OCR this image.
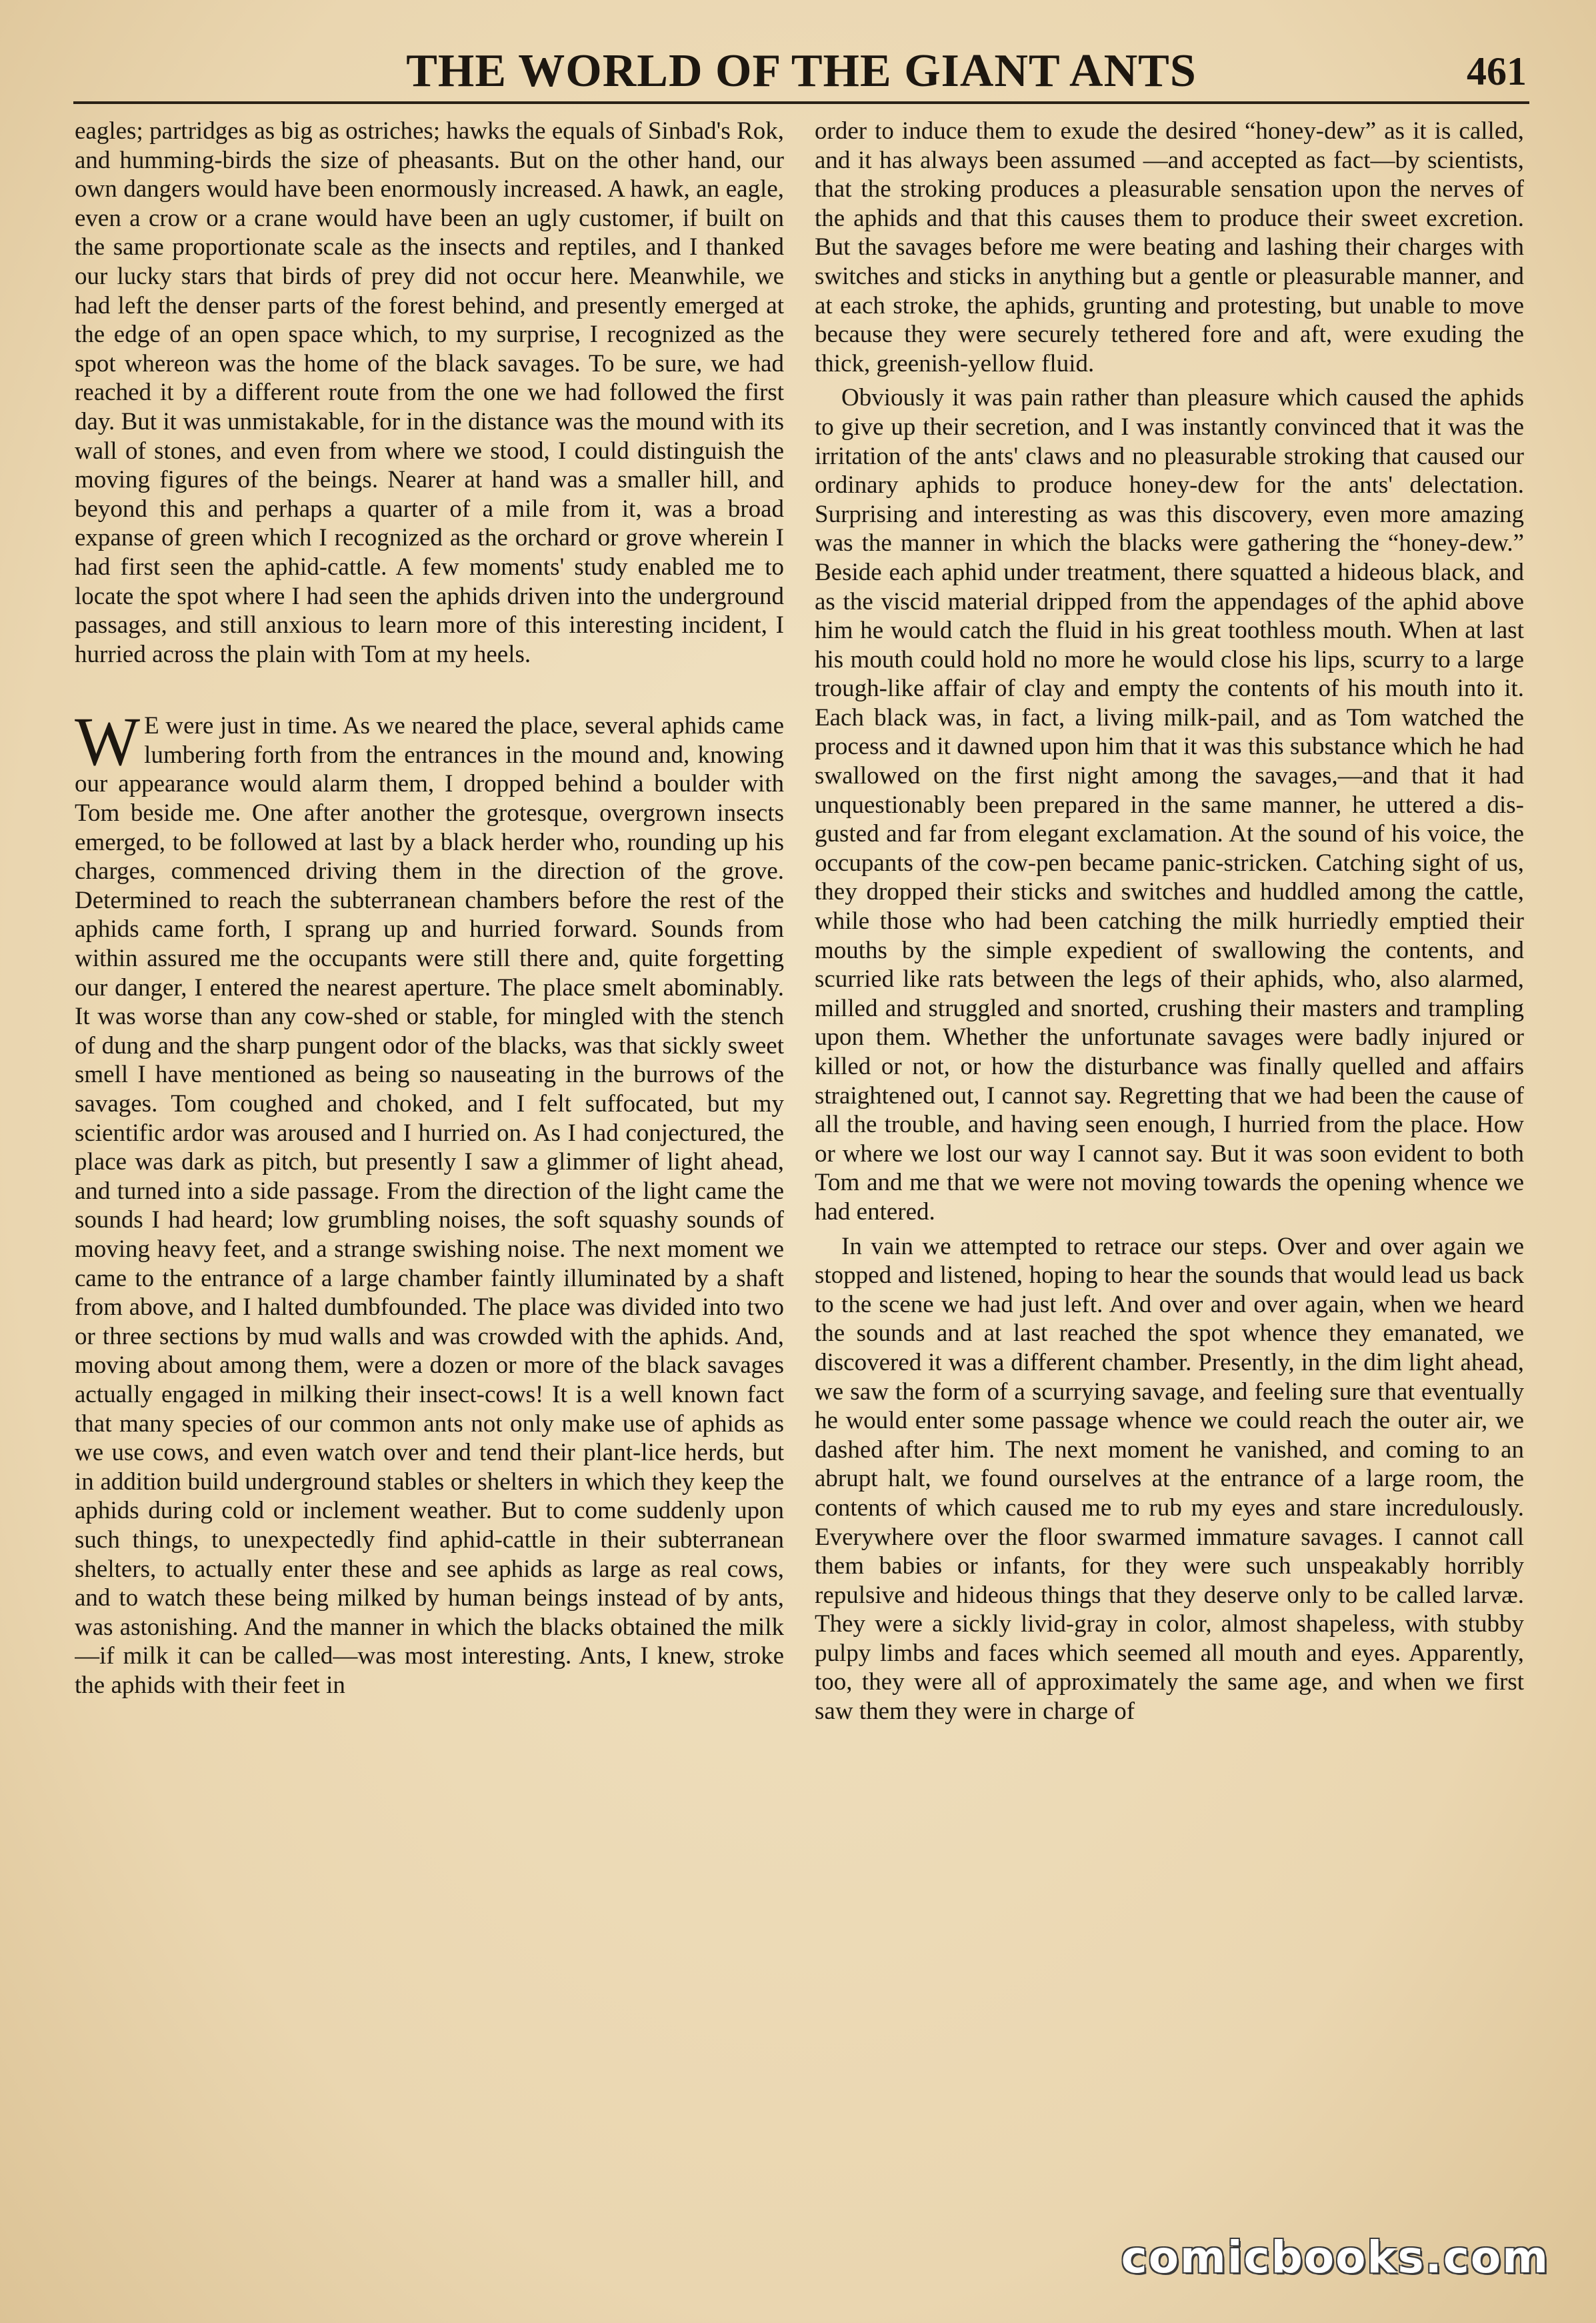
THE WORLD OF THE GIANT ANTS	461

eagles; partridges as big as ostriches; hawks the equals of Sinbad's Rok, and humming-birds the size of pheasants. But on the other hand, our own dangers would have been enormously increased. A hawk, an eagle, even a crow or a crane would have been an ugly customer, if built on the same proportionate scale as the insects and reptiles, and I thanked our lucky stars that birds of prey did not occur here. Meanwhile, we had left the denser parts of the forest behind, and presently emerged at the edge of an open space which, to my surprise, I recognized as the spot whereon was the home of the black savages. To be sure, we had reached it by a different route from the one we had followed the first day. But it was unmistakable, for in the distance was the mound with its wall of stones, and even from where we stood, I could distinguish the moving figures of the beings. Nearer at hand was a smaller hill, and beyond this and perhaps a quarter of a mile from it, was a broad expanse of green which I recognized as the orchard or grove wherein I had first seen the aphid-cattle. A few moments' study enabled me to locate the spot where I had seen the aphids driven into the underground passages, and still anxious to learn more of this interesting incident, I hurried across the plain with Tom at my heels.

W E were just in time. As we neared the place, several aphids came lumbering forth from the entrances in the mound and, knowing our appearance would alarm them, I dropped behind a boulder with Tom beside me. One after another the grotesque, overgrown insects emerged, to be followed at last by a black herder who, rounding up his charges, commenced driving them in the direction of the grove. Determined to reach the subterranean chambers before the rest of the aphids came forth, I sprang up and hurried forward. Sounds from within assured me the occupants were still there and, quite forgetting our danger, I entered the nearest aperture. The place smelt abominably. It was worse than any cow-shed or stable, for mingled with the stench of dung and the sharp pungent odor of the blacks, was that sickly sweet smell I have mentioned as being so nauseating in the burrows of the savages. Tom coughed and choked, and I felt suffocated, but my scientific ardor was aroused and I hurried on. As I had conjectured, the place was dark as pitch, but presently I saw a glimmer of light ahead, and turned into a side passage. From the direction of the light came the sounds I had heard; low grumbling noises, the soft squashy sounds of moving heavy feet, and a strange swishing noise. The next moment we came to the entrance of a large chamber faintly illuminated by a shaft from above, and I halted dumbfounded. The place was divided into two or three sections by mud walls and was crowded with the aphids. And, moving about among them, were a dozen or more of the black savages actually engaged in milking their insect-cows! It is a well known fact that many species of our common ants not only make use of aphids as we use cows, and even watch over and tend their plant-lice herds, but in addition build underground stables or shelters in which they keep the aphids during cold or inclement weather. But to come suddenly upon such things, to unexpectedly find aphid-cattle in their subterranean shelters, to actually enter these and see aphids as large as real cows, and to watch these being milked by human beings instead of by ants, was astonishing. And the manner in which the blacks obtained the milk—if milk it can be called—was most interesting. Ants, I knew, stroke the aphids with their feet in

order to induce them to exude the desired “honey-dew” as it is called, and it has always been assumed —and accepted as fact—by scientists, that the stroking produces a pleasurable sensation upon the nerves of the aphids and that this causes them to produce their sweet excretion. But the savages before me were beating and lashing their charges with switches and sticks in anything but a gentle or pleasurable manner, and at each stroke, the aphids, grunting and protesting, but unable to move because they were securely tethered fore and aft, were exuding the thick, greenish-yellow fluid.

Obviously it was pain rather than pleasure which caused the aphids to give up their secretion, and I was instantly convinced that it was the irritation of the ants' claws and no pleasurable stroking that caused our ordinary aphids to produce honey-dew for the ants' delectation. Surprising and interesting as was this discovery, even more amazing was the manner in which the blacks were gathering the “honey-dew.” Beside each aphid under treatment, there squatted a hideous black, and as the viscid material dripped from the appendages of the aphid above him he would catch the fluid in his great toothless mouth. When at last his mouth could hold no more he would close his lips, scurry to a large trough-like affair of clay and empty the contents of his mouth into it. Each black was, in fact, a living milk-pail, and as Tom watched the process and it dawned upon him that it was this substance which he had swallowed on the first night among the savages,—and that it had unquestionably been prepared in the same manner, he uttered a disgusted and far from elegant exclamation. At the sound of his voice, the occupants of the cow-pen became panic-stricken. Catching sight of us, they dropped their sticks and switches and huddled among the cattle, while those who had been catching the milk hurriedly emptied their mouths by the simple expedient of swallowing the contents, and scurried like rats between the legs of their aphids, who, also alarmed, milled and struggled and snorted, crushing their masters and trampling upon them. Whether the unfortunate savages were badly injured or killed or not, or how the disturbance was finally quelled and affairs straightened out, I cannot say. Regretting that we had been the cause of all the trouble, and having seen enough, I hurried from the place. How or where we lost our way I cannot say. But it was soon evident to both Tom and me that we were not moving towards the opening whence we had entered.

In vain we attempted to retrace our steps. Over and over again we stopped and listened, hoping to hear the sounds that would lead us back to the scene we had just left. And over and over again, when we heard the sounds and at last reached the spot whence they emanated, we discovered it was a different chamber. Presently, in the dim light ahead, we saw the form of a scurrying savage, and feeling sure that eventually he would enter some passage whence we could reach the outer air, we dashed after him. The next moment he vanished, and coming to an abrupt halt, we found ourselves at the entrance of a large room, the contents of which caused me to rub my eyes and stare incredulously. Everywhere over the floor swarmed immature savages. I cannot call them babies or infants, for they were such unspeakably horribly repulsive and hideous things that they deserve only to be called larvæ. They were a sickly livid-gray in color, almost shapeless, with stubby pulpy limbs and faces which seemed all mouth and eyes. Apparently, too, they were all of approximately the same age, and when we first saw them they were in charge of

comicbooks.com
